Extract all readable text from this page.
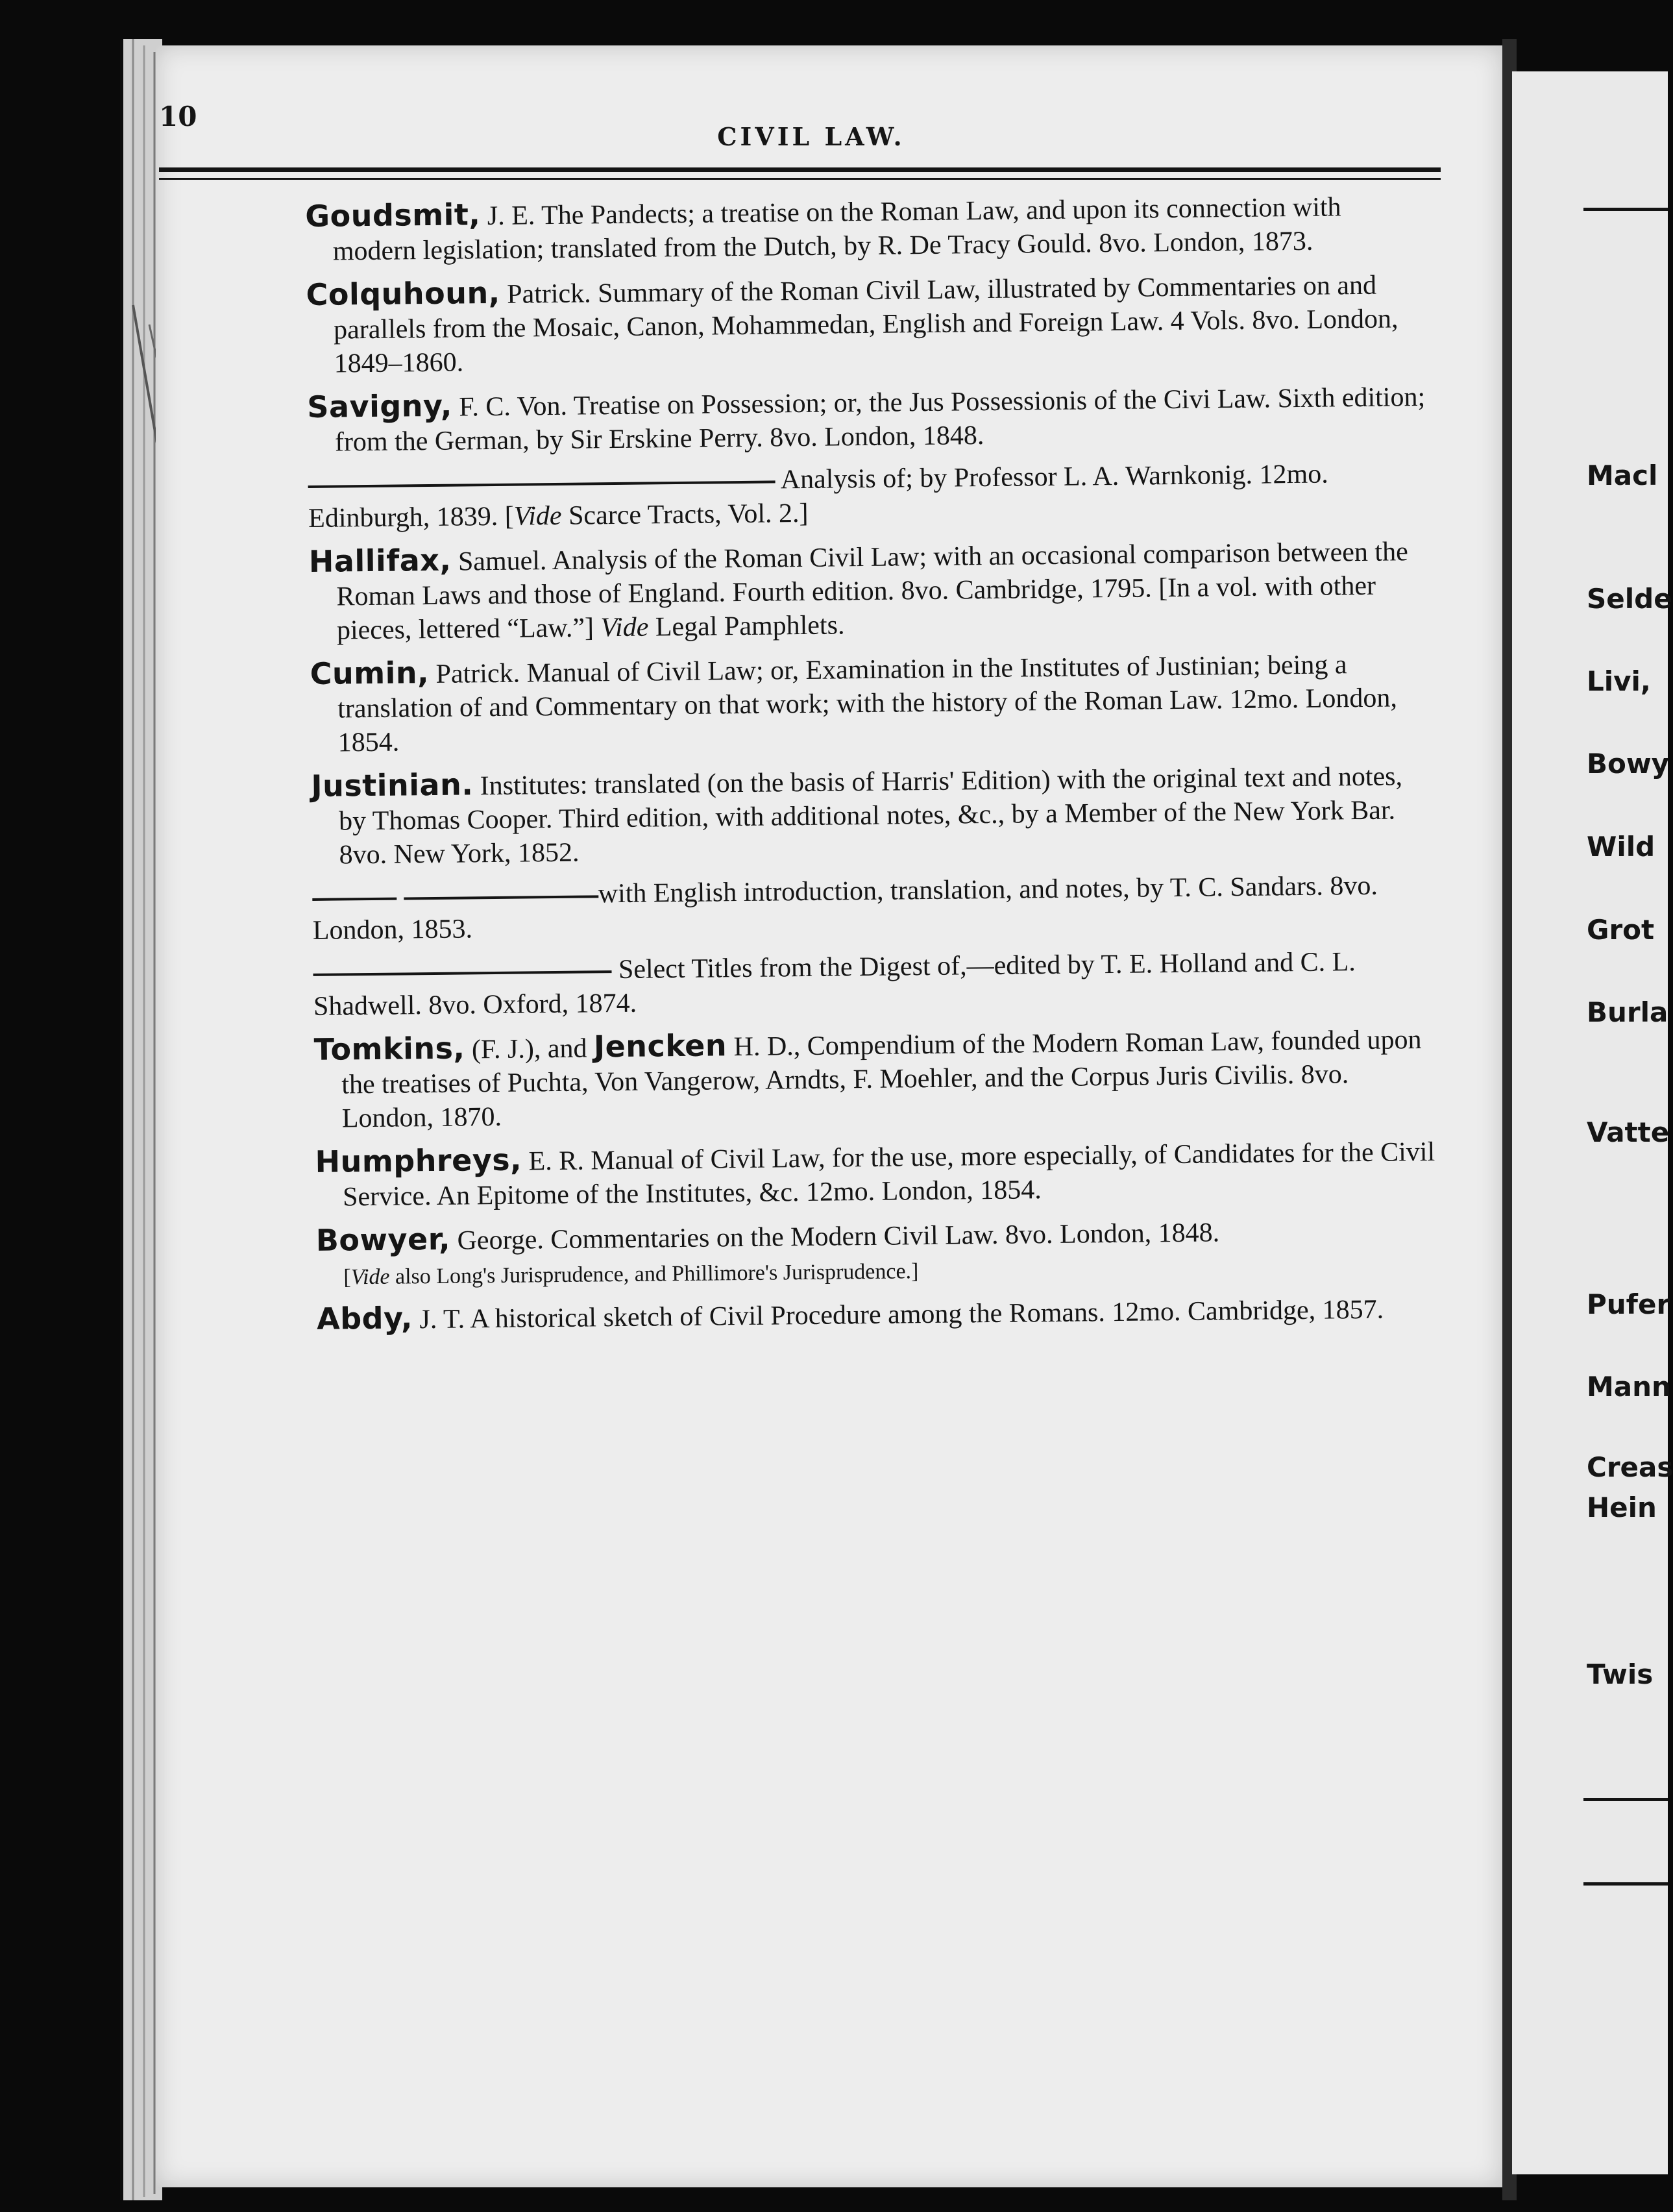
10
CIVIL LAW.

Goudsmit, J. E. The Pandects; a treatise on the Roman Law, and upon its connection with modern legislation; translated from the Dutch, by R. De Tracy Gould. 8vo. London, 1873.

Colquhoun, Patrick. Summary of the Roman Civil Law, illustrated by Commentaries on and parallels from the Mosaic, Canon, Mohammedan, English and Foreign Law. 4 Vols. 8vo. London, 1849–1860.

Savigny, F. C. Von. Treatise on Possession; or, the Jus Possessionis of the Civi Law. Sixth edition; from the German, by Sir Erskine Perry. 8vo. London, 1848.

Analysis of; by Professor L. A. Warnkonig. 12mo. Edinburgh, 1839. [Vide Scarce Tracts, Vol. 2.]

Hallifax, Samuel. Analysis of the Roman Civil Law; with an occasional comparison between the Roman Laws and those of England. Fourth edition. 8vo. Cambridge, 1795. [In a vol. with other pieces, lettered “Law.”] Vide Legal Pamphlets.

Cumin, Patrick. Manual of Civil Law; or, Examination in the Institutes of Justinian; being a translation of and Commentary on that work; with the history of the Roman Law. 12mo. London, 1854.

Justinian. Institutes: translated (on the basis of Harris' Edition) with the original text and notes, by Thomas Cooper. Third edition, with additional notes, &c., by a Member of the New York Bar. 8vo. New York, 1852.

with English introduction, translation, and notes, by T. C. Sandars. 8vo. London, 1853.

Select Titles from the Digest of,—edited by T. E. Holland and C. L. Shadwell. 8vo. Oxford, 1874.

Tomkins, (F. J.), and Jencken H. D., Compendium of the Modern Roman Law, founded upon the treatises of Puchta, Von Vangerow, Arndts, F. Moehler, and the Corpus Juris Civilis. 8vo. London, 1870.

Humphreys, E. R. Manual of Civil Law, for the use, more especially, of Candidates for the Civil Service. An Epitome of the Institutes, &c. 12mo. London, 1854.

Bowyer, George. Commentaries on the Modern Civil Law. 8vo. London, 1848.
[Vide also Long's Jurisprudence, and Phillimore's Jurisprudence.]

Abdy, J. T. A historical sketch of Civil Procedure among the Romans. 12mo. Cambridge, 1857.

Macl
Selde
Livi,
Bowy
Wild
Grot
Burla
Vatte
Pufer
Mann
Creas
Hein
Twis
